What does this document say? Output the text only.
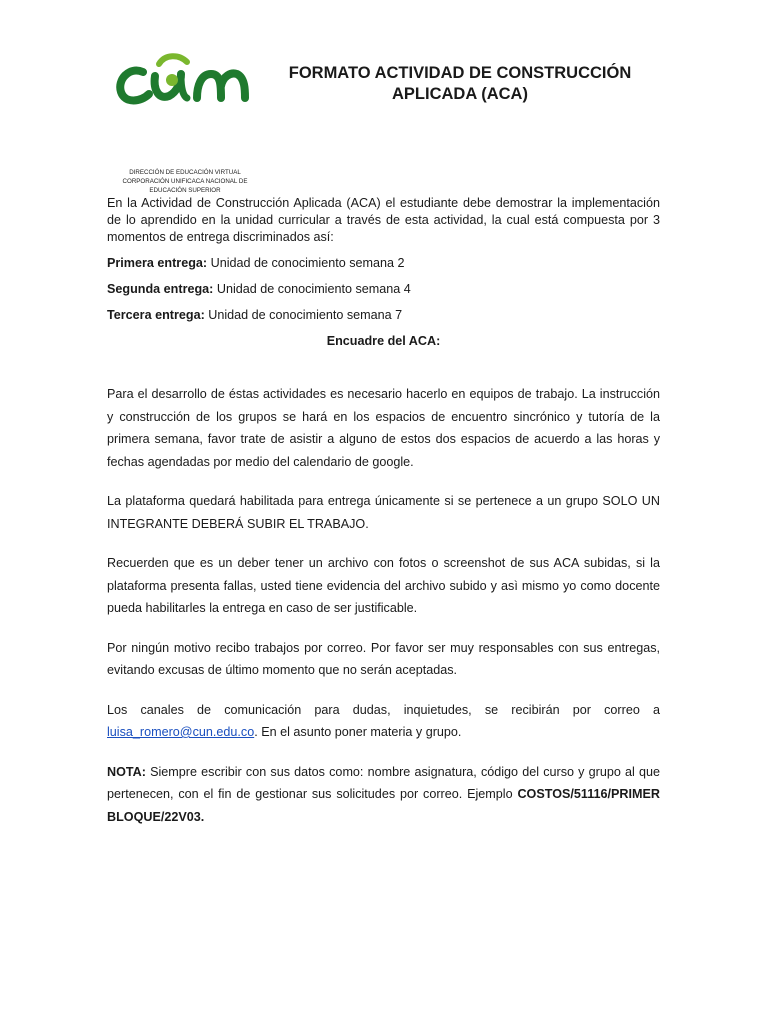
FORMATO ACTIVIDAD DE CONSTRUCCIÓN
APLICADA (ACA)
DIRECCIÓN DE EDUCACIÓN VIRTUAL
CORPORACIÓN UNIFICACA NACIONAL DE
EDUCACIÓN SUPERIOR

En la Actividad de Construcción Aplicada (ACA) el estudiante debe demostrar la implementación de lo aprendido en la unidad curricular a través de esta actividad, la cual está compuesta por 3 momentos de entrega discriminados así:

Primera entrega: Unidad de conocimiento semana 2

Segunda entrega: Unidad de conocimiento semana 4

Tercera entrega: Unidad de conocimiento semana 7

Encuadre del ACA:

Para el desarrollo de éstas actividades es necesario hacerlo en equipos de trabajo. La instrucción y construcción de los grupos se hará en los espacios de encuentro sincrónico y tutoría de la primera semana, favor trate de asistir a alguno de estos dos espacios de acuerdo a las horas y fechas agendadas por medio del calendario de google.

La plataforma quedará habilitada para entrega únicamente si se pertenece a un grupo SOLO UN INTEGRANTE DEBERÁ SUBIR EL TRABAJO.

Recuerden que es un deber tener un archivo con fotos o screenshot de sus ACA subidas, si la plataforma presenta fallas, usted tiene evidencia del archivo subido y asì mismo yo como docente pueda habilitarles la entrega en caso de ser justificable.

Por ningún motivo recibo trabajos por correo. Por favor ser muy responsables con sus entregas, evitando excusas de último momento que no serán aceptadas.

Los canales de comunicación para dudas, inquietudes, se recibirán por correo a luisa_romero@cun.edu.co. En el asunto poner materia y grupo.

NOTA: Siempre escribir con sus datos como: nombre asignatura, código del curso y grupo al que pertenecen, con el fin de gestionar sus solicitudes por correo. Ejemplo COSTOS/51116/PRIMER BLOQUE/22V03.
